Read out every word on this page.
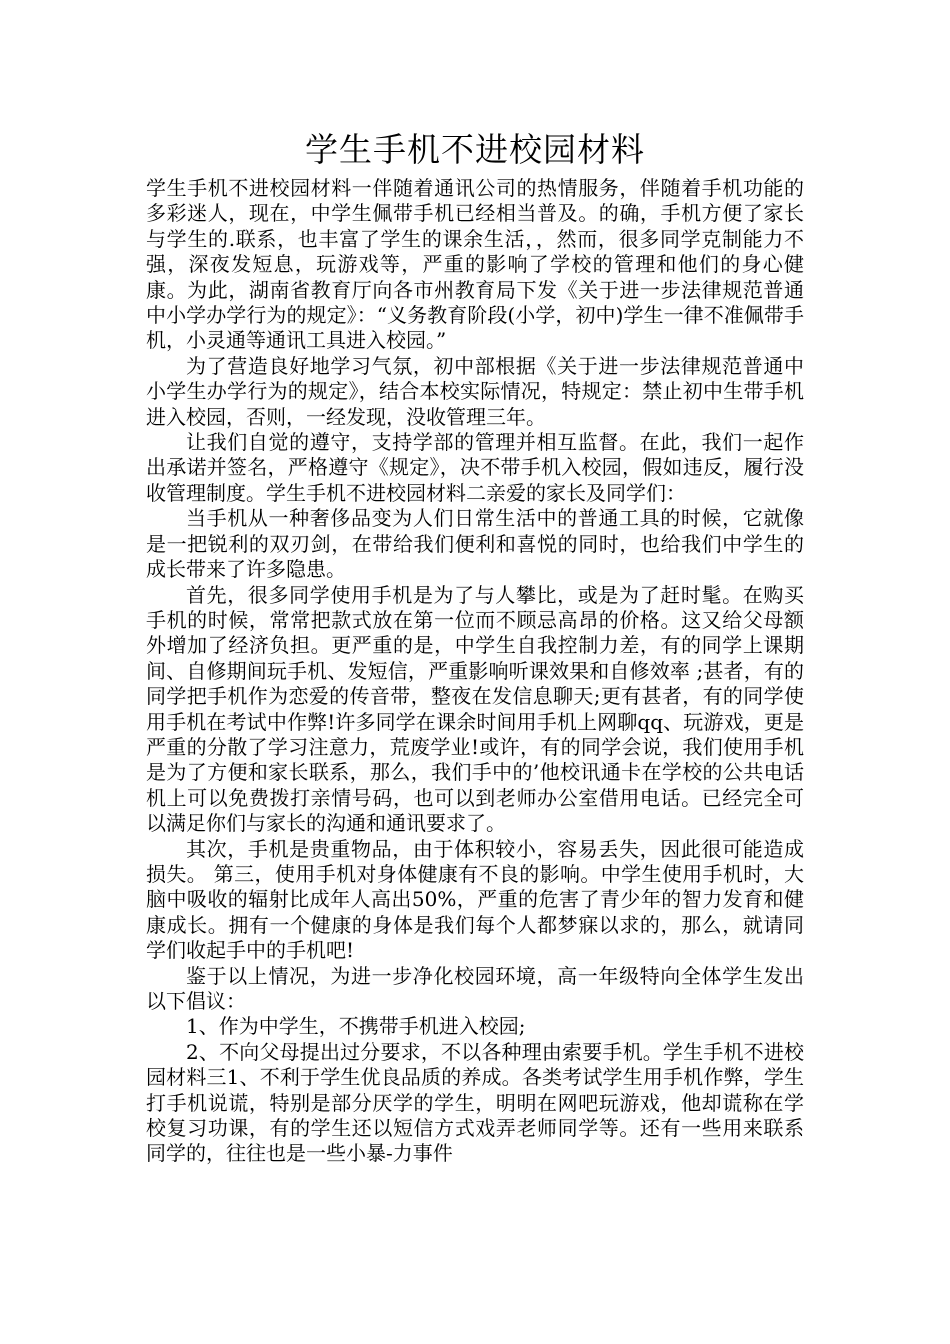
学生手机不进校园材料

学生手机不进校园材料一伴随着通讯公司的热情服务，伴随着手机功能的多彩迷人，现在，中学生佩带手机已经相当普及。的确，手机方便了家长与学生的.联系，也丰富了学生的课余生活，，然而，很多同学克制能力不强，深夜发短息，玩游戏等，严重的影响了学校的管理和他们的身心健康。为此，湖南省教育厅向各市州教育局下发《关于进一步法律规范普通中小学办学行为的规定》：“义务教育阶段(小学，初中)学生一律不准佩带手机，小灵通等通讯工具进入校园。”

为了营造良好地学习气氛，初中部根据《关于进一步法律规范普通中小学生办学行为的规定》，结合本校实际情况，特规定：禁止初中生带手机进入校园，否则，一经发现，没收管理三年。

让我们自觉的遵守，支持学部的管理并相互监督。在此，我们一起作出承诺并签名，严格遵守《规定》，决不带手机入校园，假如违反，履行没收管理制度。学生手机不进校园材料二亲爱的家长及同学们：

当手机从一种奢侈品变为人们日常生活中的普通工具的时候，它就像是一把锐利的双刃剑，在带给我们便利和喜悦的同时，也给我们中学生的成长带来了许多隐患。

首先，很多同学使用手机是为了与人攀比，或是为了赶时髦。在购买手机的时候，常常把款式放在第一位而不顾忌高昂的价格。这又给父母额外增加了经济负担。更严重的是，中学生自我控制力差，有的同学上课期间、自修期间玩手机、发短信，严重影响听课效果和自修效率 ;甚者，有的同学把手机作为恋爱的传音带，整夜在发信息聊天;更有甚者，有的同学使用手机在考试中作弊!许多同学在课余时间用手机上网聊qq、玩游戏，更是严重的分散了学习注意力，荒废学业!或许，有的同学会说，我们使用手机是为了方便和家长联系，那么，我们手中的’他校讯通卡在学校的公共电话机上可以免费拨打亲情号码，也可以到老师办公室借用电话。已经完全可以满足你们与家长的沟通和通讯要求了。

其次，手机是贵重物品，由于体积较小，容易丢失，因此很可能造成损失。 第三，使用手机对身体健康有不良的影响。中学生使用手机时，大脑中吸收的辐射比成年人高出50%，严重的危害了青少年的智力发育和健康成长。拥有一个健康的身体是我们每个人都梦寐以求的，那么，就请同学们收起手中的手机吧!

鉴于以上情况，为进一步净化校园环境，高一年级特向全体学生发出以下倡议：

1、作为中学生，不携带手机进入校园;

2、不向父母提出过分要求，不以各种理由索要手机。学生手机不进校园材料三1、不利于学生优良品质的养成。各类考试学生用手机作弊，学生打手机说谎，特别是部分厌学的学生，明明在网吧玩游戏，他却谎称在学校复习功课，有的学生还以短信方式戏弄老师同学等。还有一些用来联系同学的，往往也是一些小暴-力事件
